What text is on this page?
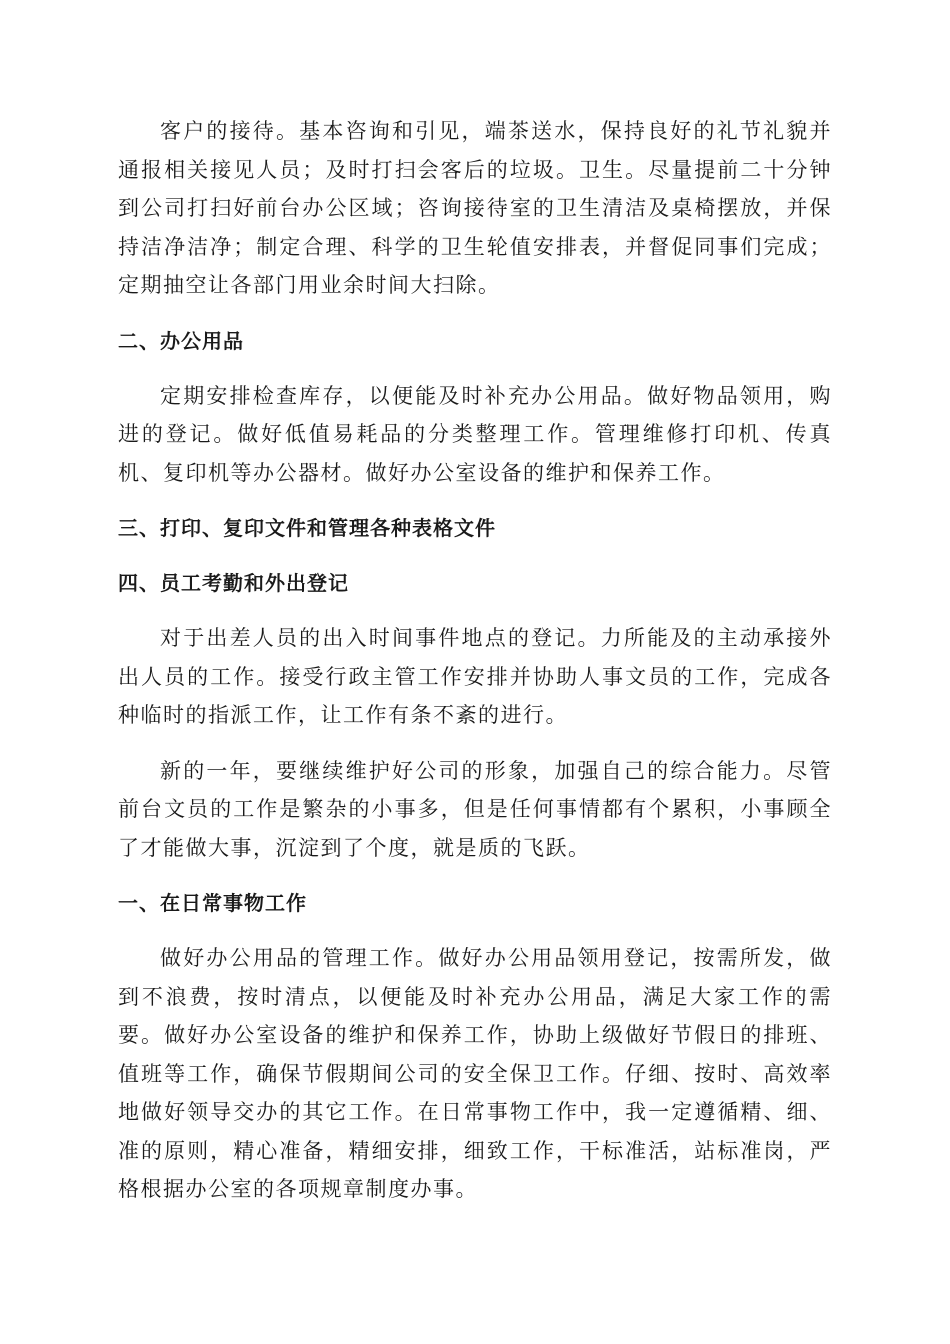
客户的接待。基本咨询和引见，端茶送水，保持良好的礼节礼貌并通报相关接见人员；及时打扫会客后的垃圾。卫生。尽量提前二十分钟到公司打扫好前台办公区域；咨询接待室的卫生清洁及桌椅摆放，并保持洁净洁净；制定合理、科学的卫生轮值安排表，并督促同事们完成；定期抽空让各部门用业余时间大扫除。

二、办公用品

定期安排检查库存，以便能及时补充办公用品。做好物品领用，购进的登记。做好低值易耗品的分类整理工作。管理维修打印机、传真机、复印机等办公器材。做好办公室设备的维护和保养工作。

三、打印、复印文件和管理各种表格文件

四、员工考勤和外出登记

对于出差人员的出入时间事件地点的登记。力所能及的主动承接外出人员的工作。接受行政主管工作安排并协助人事文员的工作，完成各种临时的指派工作，让工作有条不紊的进行。

新的一年，要继续维护好公司的形象，加强自己的综合能力。尽管前台文员的工作是繁杂的小事多，但是任何事情都有个累积，小事顾全了才能做大事，沉淀到了个度，就是质的飞跃。

一、在日常事物工作

做好办公用品的管理工作。做好办公用品领用登记，按需所发，做到不浪费，按时清点，以便能及时补充办公用品，满足大家工作的需要。做好办公室设备的维护和保养工作，协助上级做好节假日的排班、值班等工作，确保节假期间公司的安全保卫工作。仔细、按时、高效率地做好领导交办的其它工作。在日常事物工作中，我一定遵循精、细、准的原则，精心准备，精细安排，细致工作，干标准活，站标准岗，严格根据办公室的各项规章制度办事。
